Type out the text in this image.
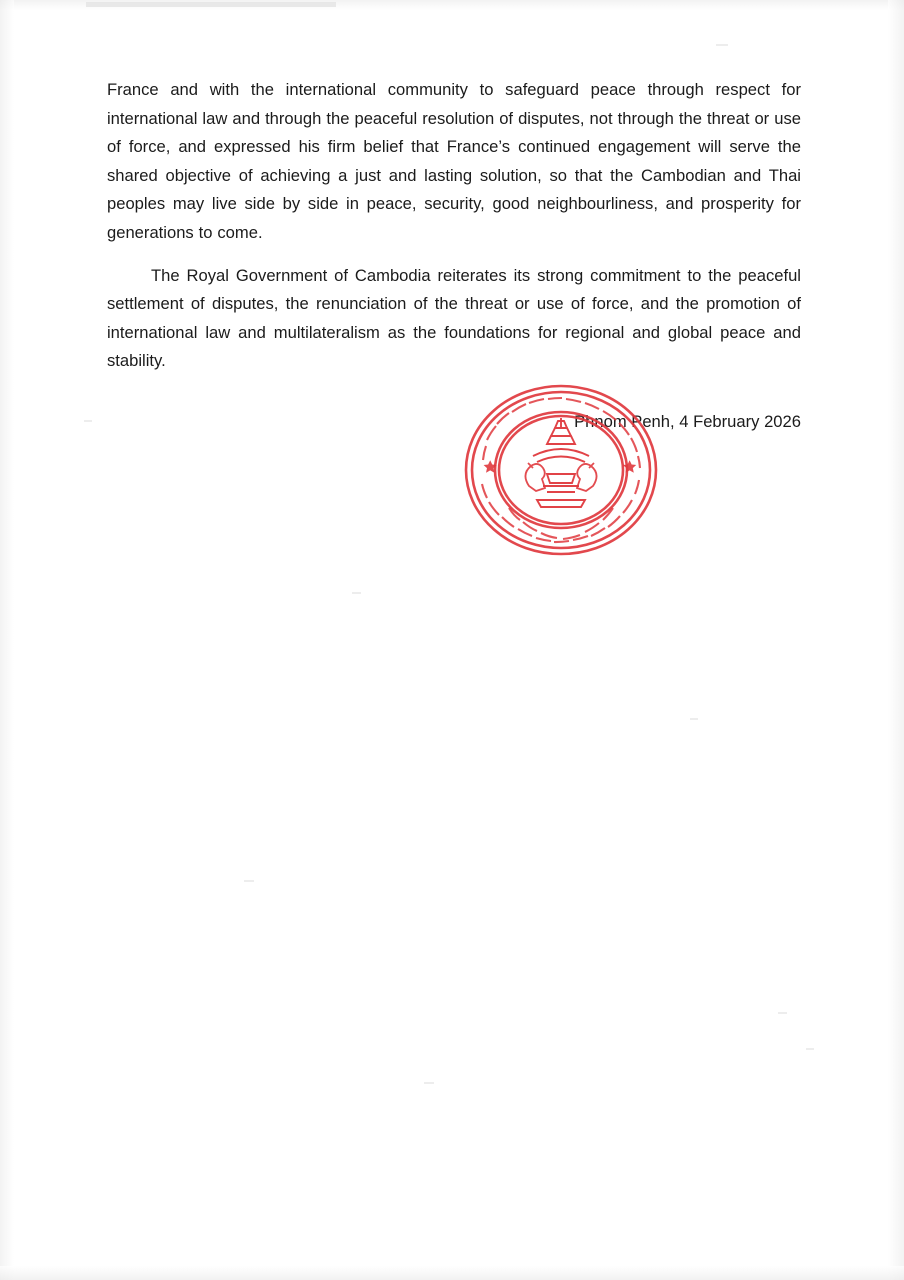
France and with the international community to safeguard peace through respect for international law and through the peaceful resolution of disputes, not through the threat or use of force, and expressed his firm belief that France’s continued engagement will serve the shared objective of achieving a just and lasting solution, so that the Cambodian and Thai peoples may live side by side in peace, security, good neighbourliness, and prosperity for generations to come.

The Royal Government of Cambodia reiterates its strong commitment to the peaceful settlement of disputes, the renunciation of the threat or use of force, and the promotion of international law and multilateralism as the foundations for regional and global peace and stability.

Phnom Penh, 4 February 2026
